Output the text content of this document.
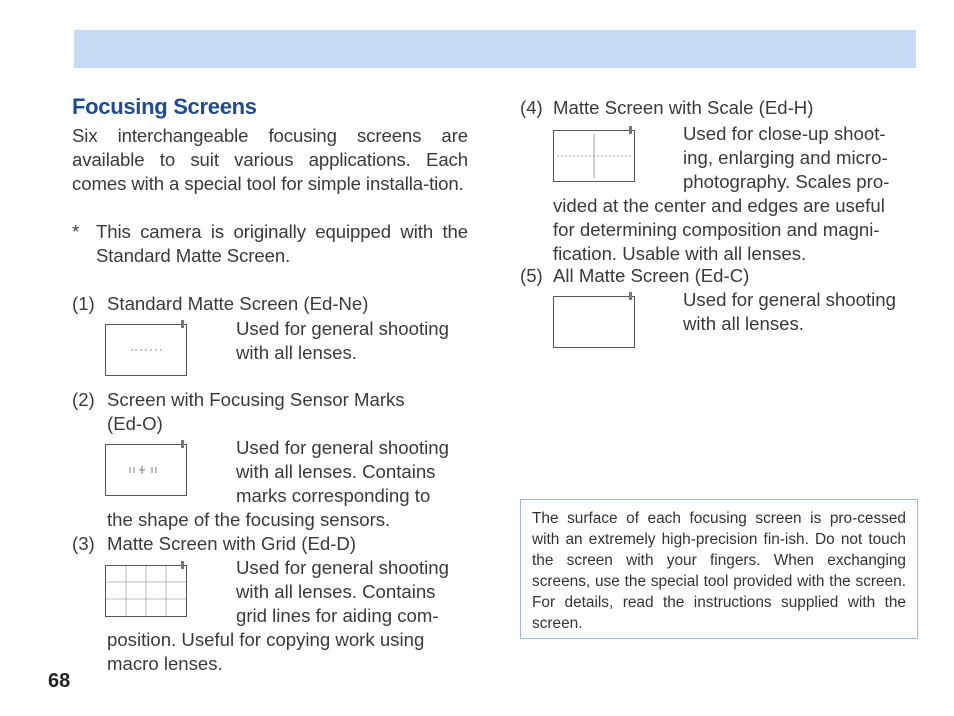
Focusing Screens

Six interchangeable focusing screens are available to suit various applications. Each comes with a special tool for simple installa-tion.

* This camera is originally equipped with the Standard Matte Screen.

(1) Standard Matte Screen (Ed-Ne)

Used for general shooting

with all lenses.

(2) Screen with Focusing Sensor Marks

(Ed-O)

Used for general shooting

with all lenses. Contains

marks corresponding to

the shape of the focusing sensors.

(3) Matte Screen with Grid (Ed-D)

Used for general shooting

with all lenses. Contains

grid lines for aiding com-

position. Useful for copying work using

macro lenses.

(4) Matte Screen with Scale (Ed-H)

Used for close-up shoot-

ing, enlarging and micro-

photography. Scales pro-

vided at the center and edges are useful

for determining composition and magni-

fication. Usable with all lenses.

(5) All Matte Screen (Ed-C)

Used for general shooting

with all lenses.

The surface of each focusing screen is pro-cessed with an extremely high-precision fin-ish. Do not touch the screen with your fingers. When exchanging screens, use the special tool provided with the screen. For details, read the instructions supplied with the screen.

68
